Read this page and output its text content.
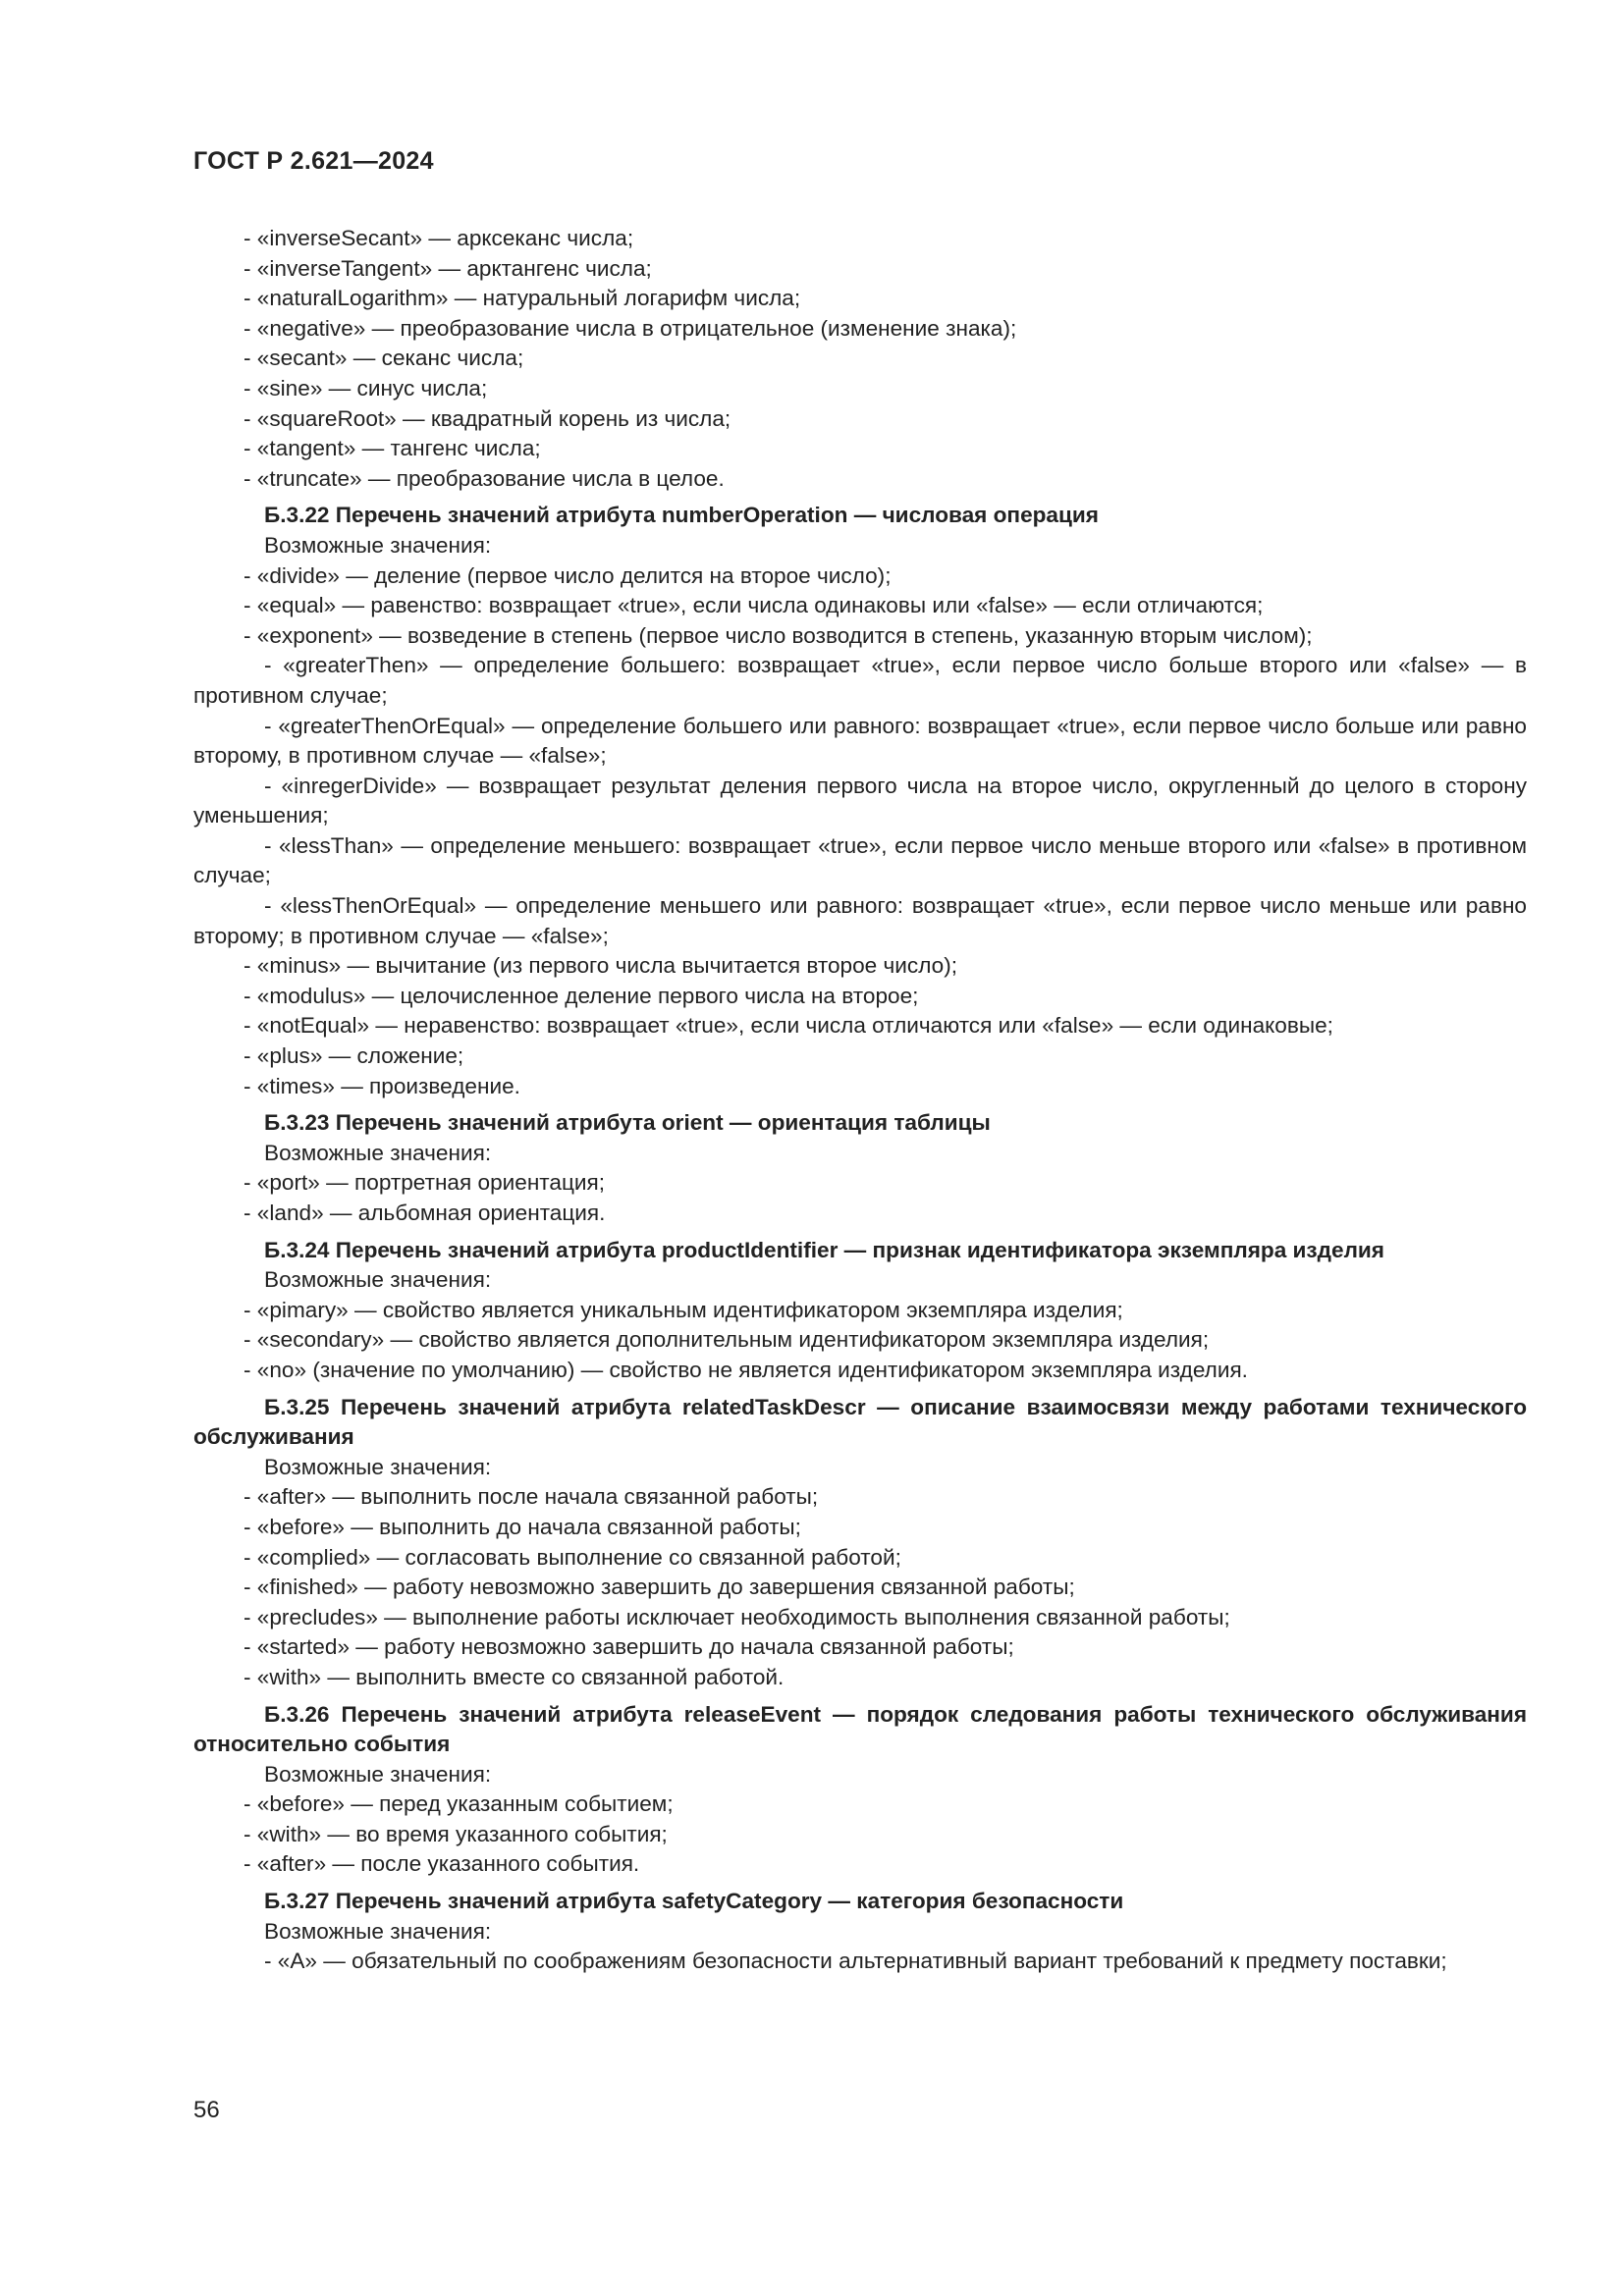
ГОСТ Р 2.621—2024
- «inverseSecant» — арксеканс числа;
- «inverseTangent» — арктангенс числа;
- «naturalLogarithm» — натуральный логарифм числа;
- «negative» — преобразование числа в отрицательное (изменение знака);
- «secant» — секанс числа;
- «sine» — синус числа;
- «squareRoot» — квадратный корень из числа;
- «tangent» — тангенс числа;
- «truncate» — преобразование числа в целое.
Б.3.22 Перечень значений атрибута numberOperation — числовая операция
Возможные значения:
- «divide» — деление (первое число делится на второе число);
- «equal» — равенство: возвращает «true», если числа одинаковы или «false» — если отличаются;
- «exponent» — возведение в степень (первое число возводится в степень, указанную вторым числом);
- «greaterThen» — определение большего: возвращает «true», если первое число больше второго или «false» — в противном случае;
- «greaterThenOrEqual» — определение большего или равного: возвращает «true», если первое число больше или равно второму, в противном случае — «false»;
- «inregerDivide» — возвращает результат деления первого числа на второе число, округленный до целого в сторону уменьшения;
- «lessThan» — определение меньшего: возвращает «true», если первое число меньше второго или «false» в противном случае;
- «lessThenOrEqual» — определение меньшего или равного: возвращает «true», если первое число меньше или равно второму; в противном случае — «false»;
- «minus» — вычитание (из первого числа вычитается второе число);
- «modulus» — целочисленное деление первого числа на второе;
- «notEqual» — неравенство: возвращает «true», если числа отличаются или «false» — если одинаковые;
- «plus» — сложение;
- «times» — произведение.
Б.3.23 Перечень значений атрибута orient — ориентация таблицы
Возможные значения:
- «port» — портретная ориентация;
- «land» — альбомная ориентация.
Б.3.24 Перечень значений атрибута productIdentifier — признак идентификатора экземпляра изделия
Возможные значения:
- «pimary» — свойство является уникальным идентификатором экземпляра изделия;
- «secondary» — свойство является дополнительным идентификатором экземпляра изделия;
- «no» (значение по умолчанию) — свойство не является идентификатором экземпляра изделия.
Б.3.25 Перечень значений атрибута relatedTaskDescr — описание взаимосвязи между работами технического обслуживания
Возможные значения:
- «after» — выполнить после начала связанной работы;
- «before» — выполнить до начала связанной работы;
- «complied» — согласовать выполнение со связанной работой;
- «finished» — работу невозможно завершить до завершения связанной работы;
- «precludes» — выполнение работы исключает необходимость выполнения связанной работы;
- «started» — работу невозможно завершить до начала связанной работы;
- «with» — выполнить вместе со связанной работой.
Б.3.26 Перечень значений атрибута releaseEvent — порядок следования работы технического обслуживания относительно события
Возможные значения:
- «before» — перед указанным событием;
- «with» — во время указанного события;
- «after» — после указанного события.
Б.3.27 Перечень значений атрибута safetyCategory — категория безопасности
Возможные значения:
- «A» — обязательный по соображениям безопасности альтернативный вариант требований к предмету поставки;
56
